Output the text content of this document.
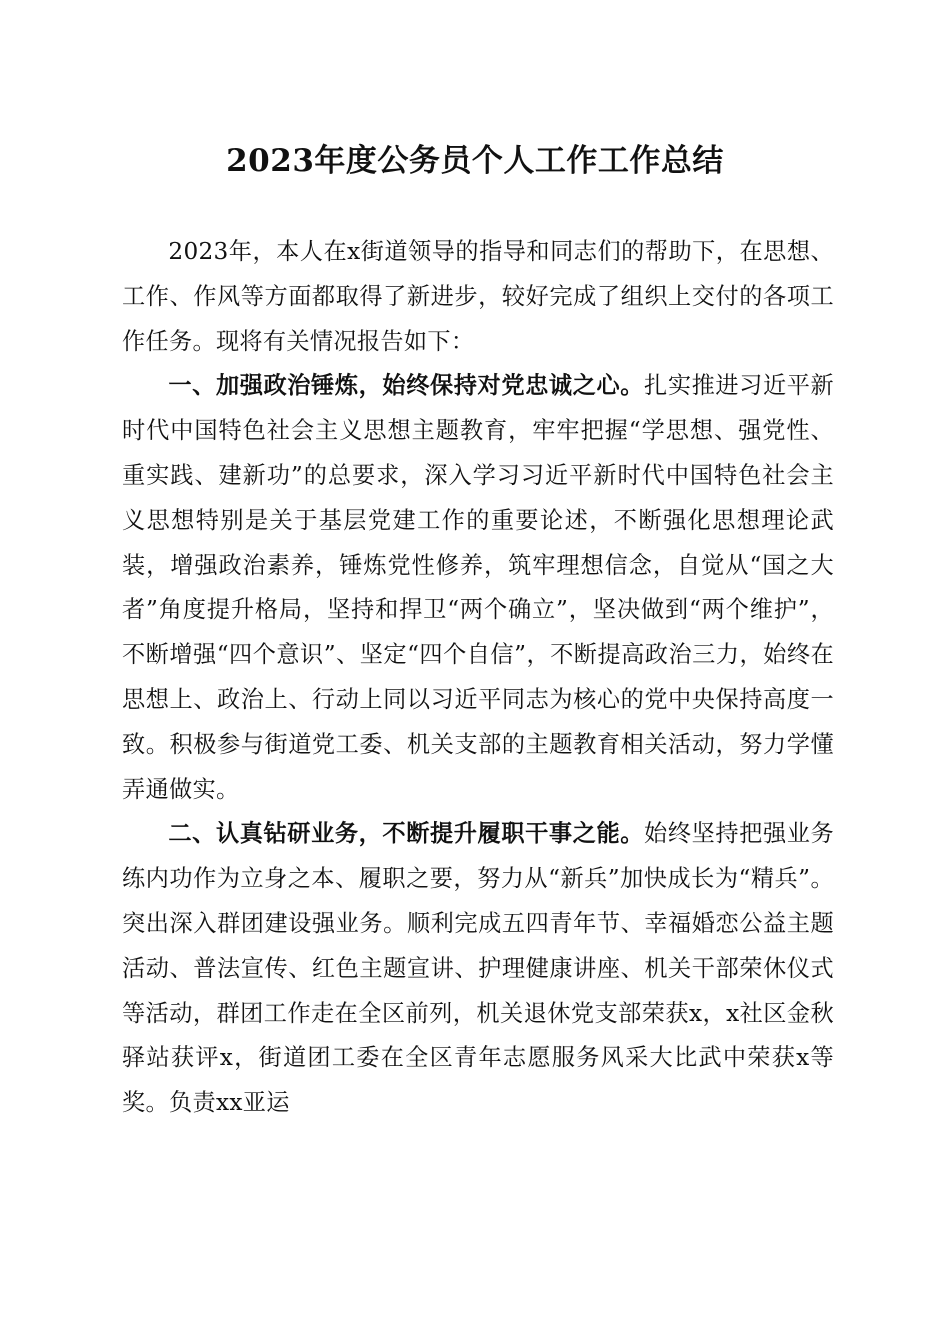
2023年度公务员个人工作工作总结

2023年，本人在x街道领导的指导和同志们的帮助下，在思想、工作、作风等方面都取得了新进步，较好完成了组织上交付的各项工作任务。现将有关情况报告如下：

一、加强政治锤炼，始终保持对党忠诚之心。扎实推进习近平新时代中国特色社会主义思想主题教育，牢牢把握“学思想、强党性、重实践、建新功”的总要求，深入学习习近平新时代中国特色社会主义思想特别是关于基层党建工作的重要论述，不断强化思想理论武装，增强政治素养，锤炼党性修养，筑牢理想信念，自觉从“国之大者”角度提升格局，坚持和捍卫“两个确立”，坚决做到“两个维护”，不断增强“四个意识”、坚定“四个自信”，不断提高政治三力，始终在思想上、政治上、行动上同以习近平同志为核心的党中央保持高度一致。积极参与街道党工委、机关支部的主题教育相关活动，努力学懂弄通做实。

二、认真钻研业务，不断提升履职干事之能。始终坚持把强业务练内功作为立身之本、履职之要，努力从“新兵”加快成长为“精兵”。突出深入群团建设强业务。顺利完成五四青年节、幸福婚恋公益主题活动、普法宣传、红色主题宣讲、护理健康讲座、机关干部荣休仪式等活动，群团工作走在全区前列，机关退休党支部荣获x，x社区金秋驿站获评x，街道团工委在全区青年志愿服务风采大比武中荣获x等奖。负责xx亚运
